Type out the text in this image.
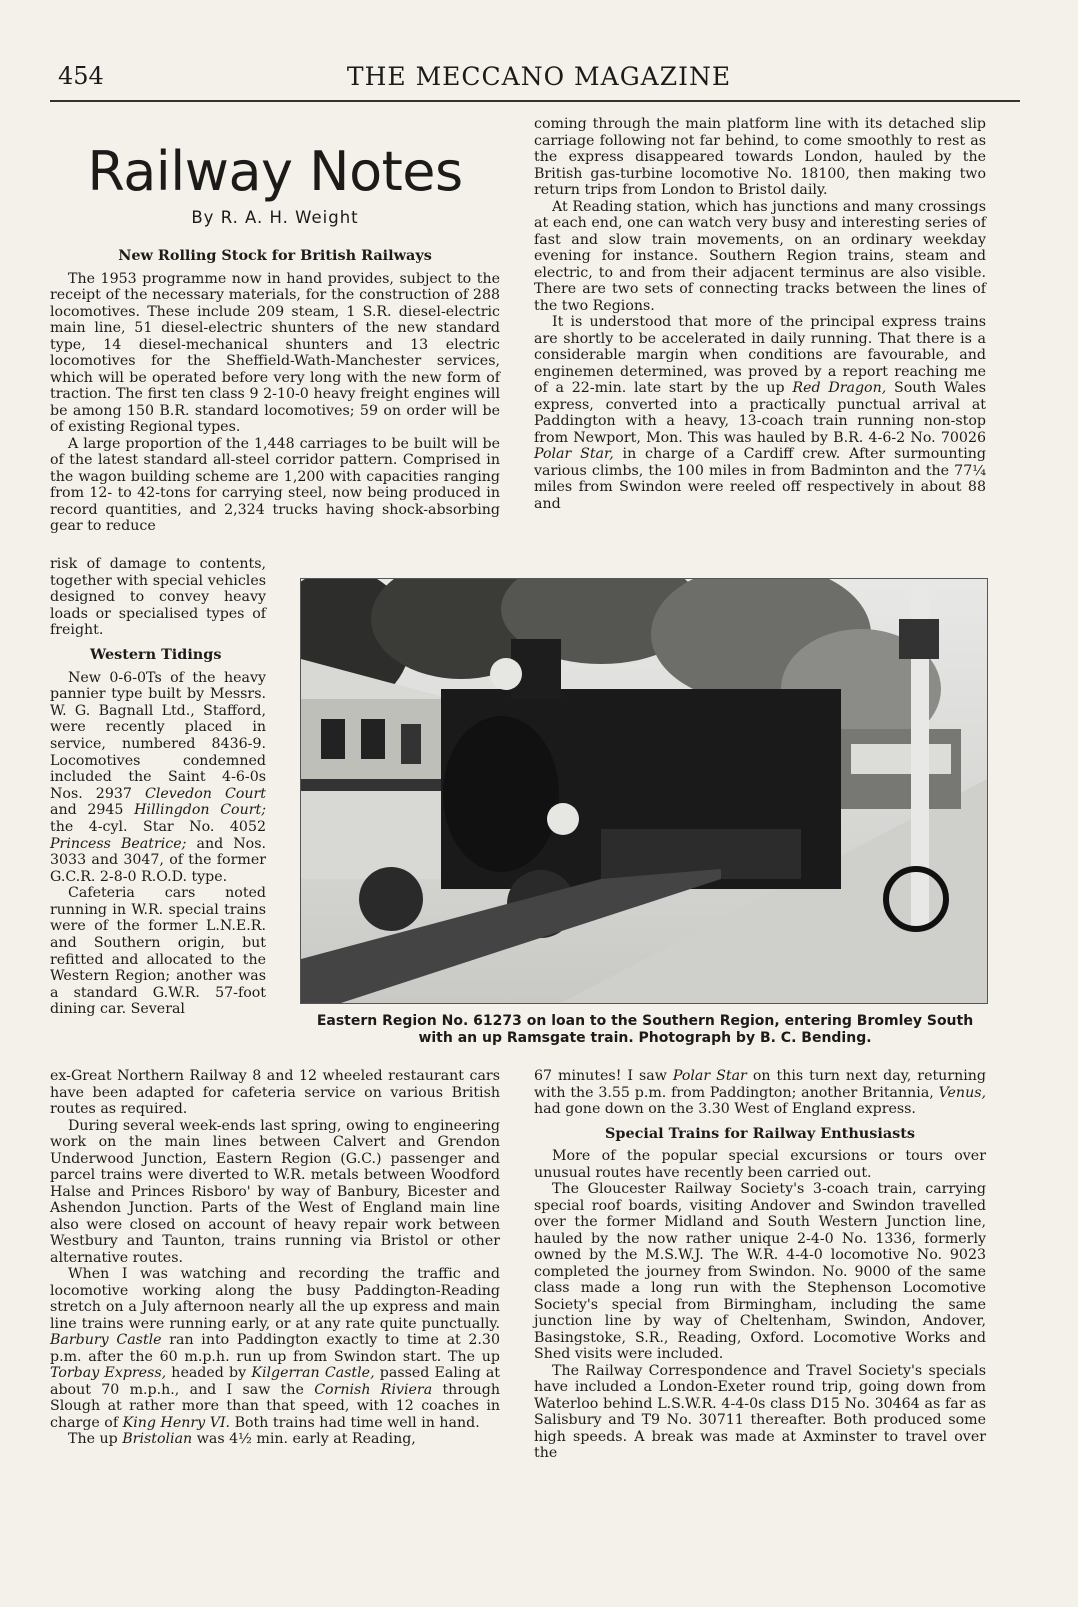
454	THE MECCANO MAGAZINE
Railway Notes
By R. A. H. Weight
New Rolling Stock for British Railways

The 1953 programme now in hand provides, subject to the receipt of the necessary materials, for the construction of 288 locomotives. These include 209 steam, 1 S.R. diesel-electric main line, 51 diesel-electric shunters of the new standard type, 14 diesel-mechanical shunters and 13 electric locomotives for the Sheffield-Wath-Manchester services, which will be operated before very long with the new form of traction. The first ten class 9 2-10-0 heavy freight engines will be among 150 B.R. standard locomotives; 59 on order will be of existing Regional types.

A large proportion of the 1,448 carriages to be built will be of the latest standard all-steel corridor pattern. Comprised in the wagon building scheme are 1,200 with capacities ranging from 12- to 42-tons for carrying steel, now being produced in record quantities, and 2,324 trucks having shock-absorbing gear to reduce

risk of damage to contents, together with special vehicles designed to convey heavy loads or specialised types of freight.

Western Tidings

New 0-6-0Ts of the heavy pannier type built by Messrs. W. G. Bagnall Ltd., Stafford, were recently placed in service, numbered 8436-9. Locomotives condemned included the Saint 4-6-0s Nos. 2937 Clevedon Court and 2945 Hillingdon Court; the 4-cyl. Star No. 4052 Princess Beatrice; and Nos. 3033 and 3047, of the former G.C.R. 2-8-0 R.O.D. type.

Cafeteria cars noted running in W.R. special trains were of the former L.N.E.R. and Southern origin, but refitted and allocated to the Western Region; another was a standard G.W.R. 57-foot dining car. Several

Eastern Region No. 61273 on loan to the Southern Region, entering Bromley South
with an up Ramsgate train. Photograph by B. C. Bending.

ex-Great Northern Railway 8 and 12 wheeled restaurant cars have been adapted for cafeteria service on various British routes as required.

During several week-ends last spring, owing to engineering work on the main lines between Calvert and Grendon Underwood Junction, Eastern Region (G.C.) passenger and parcel trains were diverted to W.R. metals between Woodford Halse and Princes Risboro' by way of Banbury, Bicester and Ashendon Junction. Parts of the West of England main line also were closed on account of heavy repair work between Westbury and Taunton, trains running via Bristol or other alternative routes.

When I was watching and recording the traffic and locomotive working along the busy Paddington-Reading stretch on a July afternoon nearly all the up express and main line trains were running early, or at any rate quite punctually. Barbury Castle ran into Paddington exactly to time at 2.30 p.m. after the 60 m.p.h. run up from Swindon start. The up Torbay Express, headed by Kilgerran Castle, passed Ealing at about 70 m.p.h., and I saw the Cornish Riviera through Slough at rather more than that speed, with 12 coaches in charge of King Henry VI. Both trains had time well in hand.

The up Bristolian was 4½ min. early at Reading,

coming through the main platform line with its detached slip carriage following not far behind, to come smoothly to rest as the express disappeared towards London, hauled by the British gas-turbine locomotive No. 18100, then making two return trips from London to Bristol daily.

At Reading station, which has junctions and many crossings at each end, one can watch very busy and interesting series of fast and slow train movements, on an ordinary weekday evening for instance. Southern Region trains, steam and electric, to and from their adjacent terminus are also visible. There are two sets of connecting tracks between the lines of the two Regions.

It is understood that more of the principal express trains are shortly to be accelerated in daily running. That there is a considerable margin when conditions are favourable, and enginemen determined, was proved by a report reaching me of a 22-min. late start by the up Red Dragon, South Wales express, converted into a practically punctual arrival at Paddington with a heavy, 13-coach train running non-stop from Newport, Mon. This was hauled by B.R. 4-6-2 No. 70026 Polar Star, in charge of a Cardiff crew. After surmounting various climbs, the 100 miles in from Badminton and the 77¼ miles from Swindon were reeled off respectively in about 88 and

67 minutes! I saw Polar Star on this turn next day, returning with the 3.55 p.m. from Paddington; another Britannia, Venus, had gone down on the 3.30 West of England express.

Special Trains for Railway Enthusiasts

More of the popular special excursions or tours over unusual routes have recently been carried out.

The Gloucester Railway Society's 3-coach train, carrying special roof boards, visiting Andover and Swindon travelled over the former Midland and South Western Junction line, hauled by the now rather unique 2-4-0 No. 1336, formerly owned by the M.S.W.J. The W.R. 4-4-0 locomotive No. 9023 completed the journey from Swindon. No. 9000 of the same class made a long run with the Stephenson Locomotive Society's special from Birmingham, including the same junction line by way of Cheltenham, Swindon, Andover, Basingstoke, S.R., Reading, Oxford. Locomotive Works and Shed visits were included.

The Railway Correspondence and Travel Society's specials have included a London-Exeter round trip, going down from Waterloo behind L.S.W.R. 4-4-0s class D15 No. 30464 as far as Salisbury and T9 No. 30711 thereafter. Both produced some high speeds. A break was made at Axminster to travel over the
